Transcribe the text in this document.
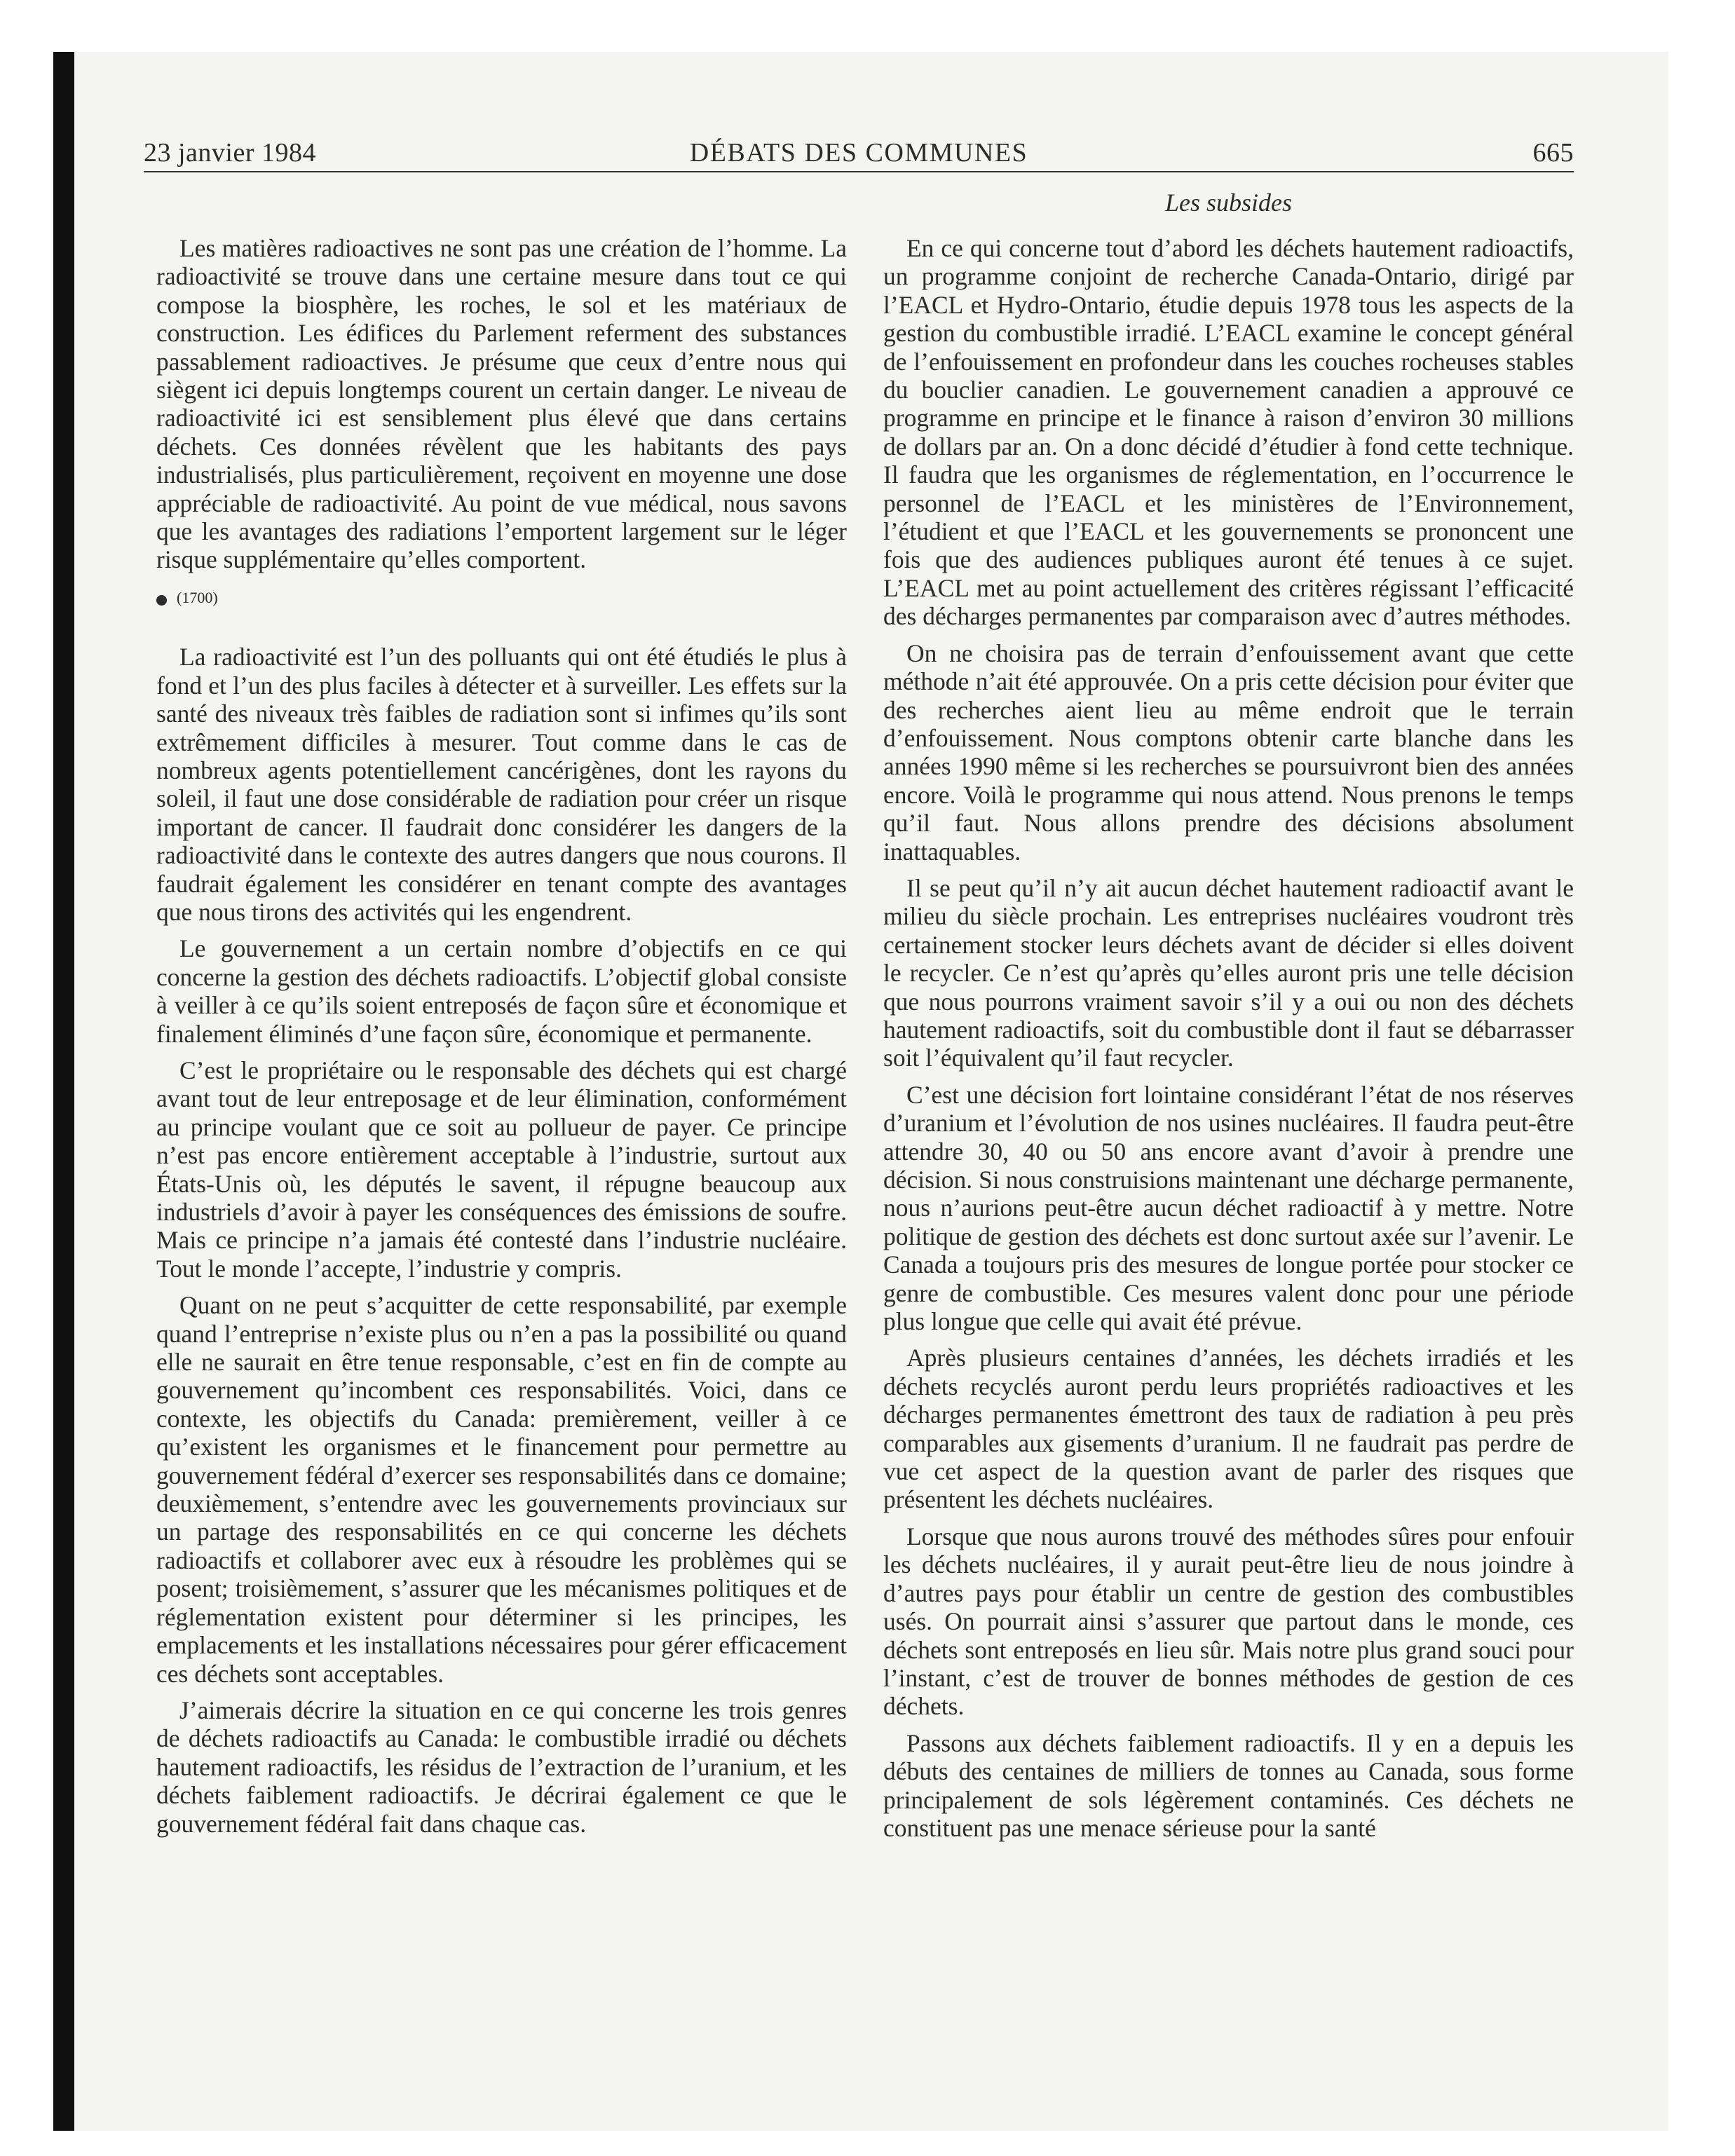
23 janvier 1984	DÉBATS DES COMMUNES	665
Les subsides

Les matières radioactives ne sont pas une création de l’homme. La radioactivité se trouve dans une certaine mesure dans tout ce qui compose la biosphère, les roches, le sol et les matériaux de construction. Les édifices du Parlement referment des substances passablement radioactives. Je présume que ceux d’entre nous qui siègent ici depuis longtemps courent un certain danger. Le niveau de radioactivité ici est sensiblement plus élevé que dans certains déchets. Ces données révèlent que les habitants des pays industrialisés, plus particulièrement, reçoivent en moyenne une dose appréciable de radioactivité. Au point de vue médical, nous savons que les avantages des radiations l’emportent largement sur le léger risque supplémentaire qu’elles comportent.

(1700)

La radioactivité est l’un des polluants qui ont été étudiés le plus à fond et l’un des plus faciles à détecter et à surveiller. Les effets sur la santé des niveaux très faibles de radiation sont si infimes qu’ils sont extrêmement difficiles à mesurer. Tout comme dans le cas de nombreux agents potentiellement cancérigènes, dont les rayons du soleil, il faut une dose considérable de radiation pour créer un risque important de cancer. Il faudrait donc considérer les dangers de la radioactivité dans le contexte des autres dangers que nous courons. Il faudrait également les considérer en tenant compte des avantages que nous tirons des activités qui les engendrent.

Le gouvernement a un certain nombre d’objectifs en ce qui concerne la gestion des déchets radioactifs. L’objectif global consiste à veiller à ce qu’ils soient entreposés de façon sûre et économique et finalement éliminés d’une façon sûre, économique et permanente.

C’est le propriétaire ou le responsable des déchets qui est chargé avant tout de leur entreposage et de leur élimination, conformément au principe voulant que ce soit au pollueur de payer. Ce principe n’est pas encore entièrement acceptable à l’industrie, surtout aux États-Unis où, les députés le savent, il répugne beaucoup aux industriels d’avoir à payer les conséquences des émissions de soufre. Mais ce principe n’a jamais été contesté dans l’industrie nucléaire. Tout le monde l’accepte, l’industrie y compris.

Quant on ne peut s’acquitter de cette responsabilité, par exemple quand l’entreprise n’existe plus ou n’en a pas la possibilité ou quand elle ne saurait en être tenue responsable, c’est en fin de compte au gouvernement qu’incombent ces responsabilités. Voici, dans ce contexte, les objectifs du Canada: premièrement, veiller à ce qu’existent les organismes et le financement pour permettre au gouvernement fédéral d’exercer ses responsabilités dans ce domaine; deuxièmement, s’entendre avec les gouvernements provinciaux sur un partage des responsabilités en ce qui concerne les déchets radioactifs et collaborer avec eux à résoudre les problèmes qui se posent; troisièmement, s’assurer que les mécanismes politiques et de réglementation existent pour déterminer si les principes, les emplacements et les installations nécessaires pour gérer efficacement ces déchets sont acceptables.

J’aimerais décrire la situation en ce qui concerne les trois genres de déchets radioactifs au Canada: le combustible irradié ou déchets hautement radioactifs, les résidus de l’extraction de l’uranium, et les déchets faiblement radioactifs. Je décrirai également ce que le gouvernement fédéral fait dans chaque cas.

En ce qui concerne tout d’abord les déchets hautement radioactifs, un programme conjoint de recherche Canada-Ontario, dirigé par l’EACL et Hydro-Ontario, étudie depuis 1978 tous les aspects de la gestion du combustible irradié. L’EACL examine le concept général de l’enfouissement en profondeur dans les couches rocheuses stables du bouclier canadien. Le gouvernement canadien a approuvé ce programme en principe et le finance à raison d’environ 30 millions de dollars par an. On a donc décidé d’étudier à fond cette technique. Il faudra que les organismes de réglementation, en l’occurrence le personnel de l’EACL et les ministères de l’Environnement, l’étudient et que l’EACL et les gouvernements se prononcent une fois que des audiences publiques auront été tenues à ce sujet. L’EACL met au point actuellement des critères régissant l’efficacité des décharges permanentes par comparaison avec d’autres méthodes.

On ne choisira pas de terrain d’enfouissement avant que cette méthode n’ait été approuvée. On a pris cette décision pour éviter que des recherches aient lieu au même endroit que le terrain d’enfouissement. Nous comptons obtenir carte blanche dans les années 1990 même si les recherches se poursuivront bien des années encore. Voilà le programme qui nous attend. Nous prenons le temps qu’il faut. Nous allons prendre des décisions absolument inattaquables.

Il se peut qu’il n’y ait aucun déchet hautement radioactif avant le milieu du siècle prochain. Les entreprises nucléaires voudront très certainement stocker leurs déchets avant de décider si elles doivent le recycler. Ce n’est qu’après qu’elles auront pris une telle décision que nous pourrons vraiment savoir s’il y a oui ou non des déchets hautement radioactifs, soit du combustible dont il faut se débarrasser soit l’équivalent qu’il faut recycler.

C’est une décision fort lointaine considérant l’état de nos réserves d’uranium et l’évolution de nos usines nucléaires. Il faudra peut-être attendre 30, 40 ou 50 ans encore avant d’avoir à prendre une décision. Si nous construisions maintenant une décharge permanente, nous n’aurions peut-être aucun déchet radioactif à y mettre. Notre politique de gestion des déchets est donc surtout axée sur l’avenir. Le Canada a toujours pris des mesures de longue portée pour stocker ce genre de combustible. Ces mesures valent donc pour une période plus longue que celle qui avait été prévue.

Après plusieurs centaines d’années, les déchets irradiés et les déchets recyclés auront perdu leurs propriétés radioactives et les décharges permanentes émettront des taux de radiation à peu près comparables aux gisements d’uranium. Il ne faudrait pas perdre de vue cet aspect de la question avant de parler des risques que présentent les déchets nucléaires.

Lorsque que nous aurons trouvé des méthodes sûres pour enfouir les déchets nucléaires, il y aurait peut-être lieu de nous joindre à d’autres pays pour établir un centre de gestion des combustibles usés. On pourrait ainsi s’assurer que partout dans le monde, ces déchets sont entreposés en lieu sûr. Mais notre plus grand souci pour l’instant, c’est de trouver de bonnes méthodes de gestion de ces déchets.

Passons aux déchets faiblement radioactifs. Il y en a depuis les débuts des centaines de milliers de tonnes au Canada, sous forme principalement de sols légèrement contaminés. Ces déchets ne constituent pas une menace sérieuse pour la santé
